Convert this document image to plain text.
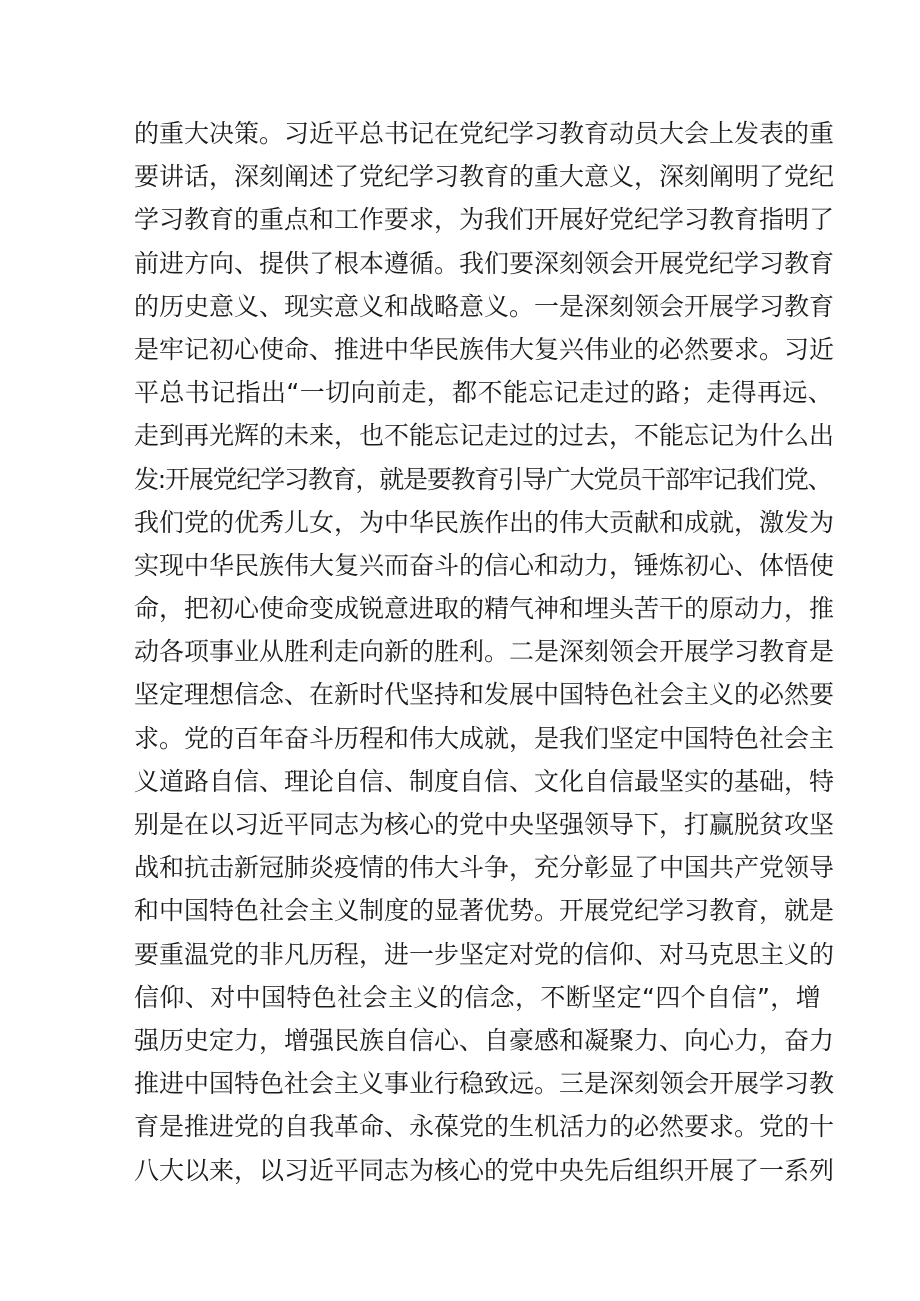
的重大决策。习近平总书记在党纪学习教育动员大会上发表的重
要讲话，深刻阐述了党纪学习教育的重大意义，深刻阐明了党纪
学习教育的重点和工作要求，为我们开展好党纪学习教育指明了
前进方向、提供了根本遵循。我们要深刻领会开展党纪学习教育
的历史意义、现实意义和战略意义。一是深刻领会开展学习教育
是牢记初心使命、推进中华民族伟大复兴伟业的必然要求。习近
平总书记指出“一切向前走，都不能忘记走过的路；走得再远、
走到再光辉的未来，也不能忘记走过的过去，不能忘记为什么出
发:开展党纪学习教育，就是要教育引导广大党员干部牢记我们党、
我们党的优秀儿女，为中华民族作出的伟大贡献和成就，激发为
实现中华民族伟大复兴而奋斗的信心和动力，锤炼初心、体悟使
命，把初心使命变成锐意进取的精气神和埋头苦干的原动力，推
动各项事业从胜利走向新的胜利。二是深刻领会开展学习教育是
坚定理想信念、在新时代坚持和发展中国特色社会主义的必然要
求。党的百年奋斗历程和伟大成就，是我们坚定中国特色社会主
义道路自信、理论自信、制度自信、文化自信最坚实的基础，特
别是在以习近平同志为核心的党中央坚强领导下，打赢脱贫攻坚
战和抗击新冠肺炎疫情的伟大斗争，充分彰显了中国共产党领导
和中国特色社会主义制度的显著优势。开展党纪学习教育，就是
要重温党的非凡历程，进一步坚定对党的信仰、对马克思主义的
信仰、对中国特色社会主义的信念，不断坚定“四个自信”，增
强历史定力，增强民族自信心、自豪感和凝聚力、向心力，奋力
推进中国特色社会主义事业行稳致远。三是深刻领会开展学习教
育是推进党的自我革命、永葆党的生机活力的必然要求。党的十
八大以来，以习近平同志为核心的党中央先后组织开展了一系列
